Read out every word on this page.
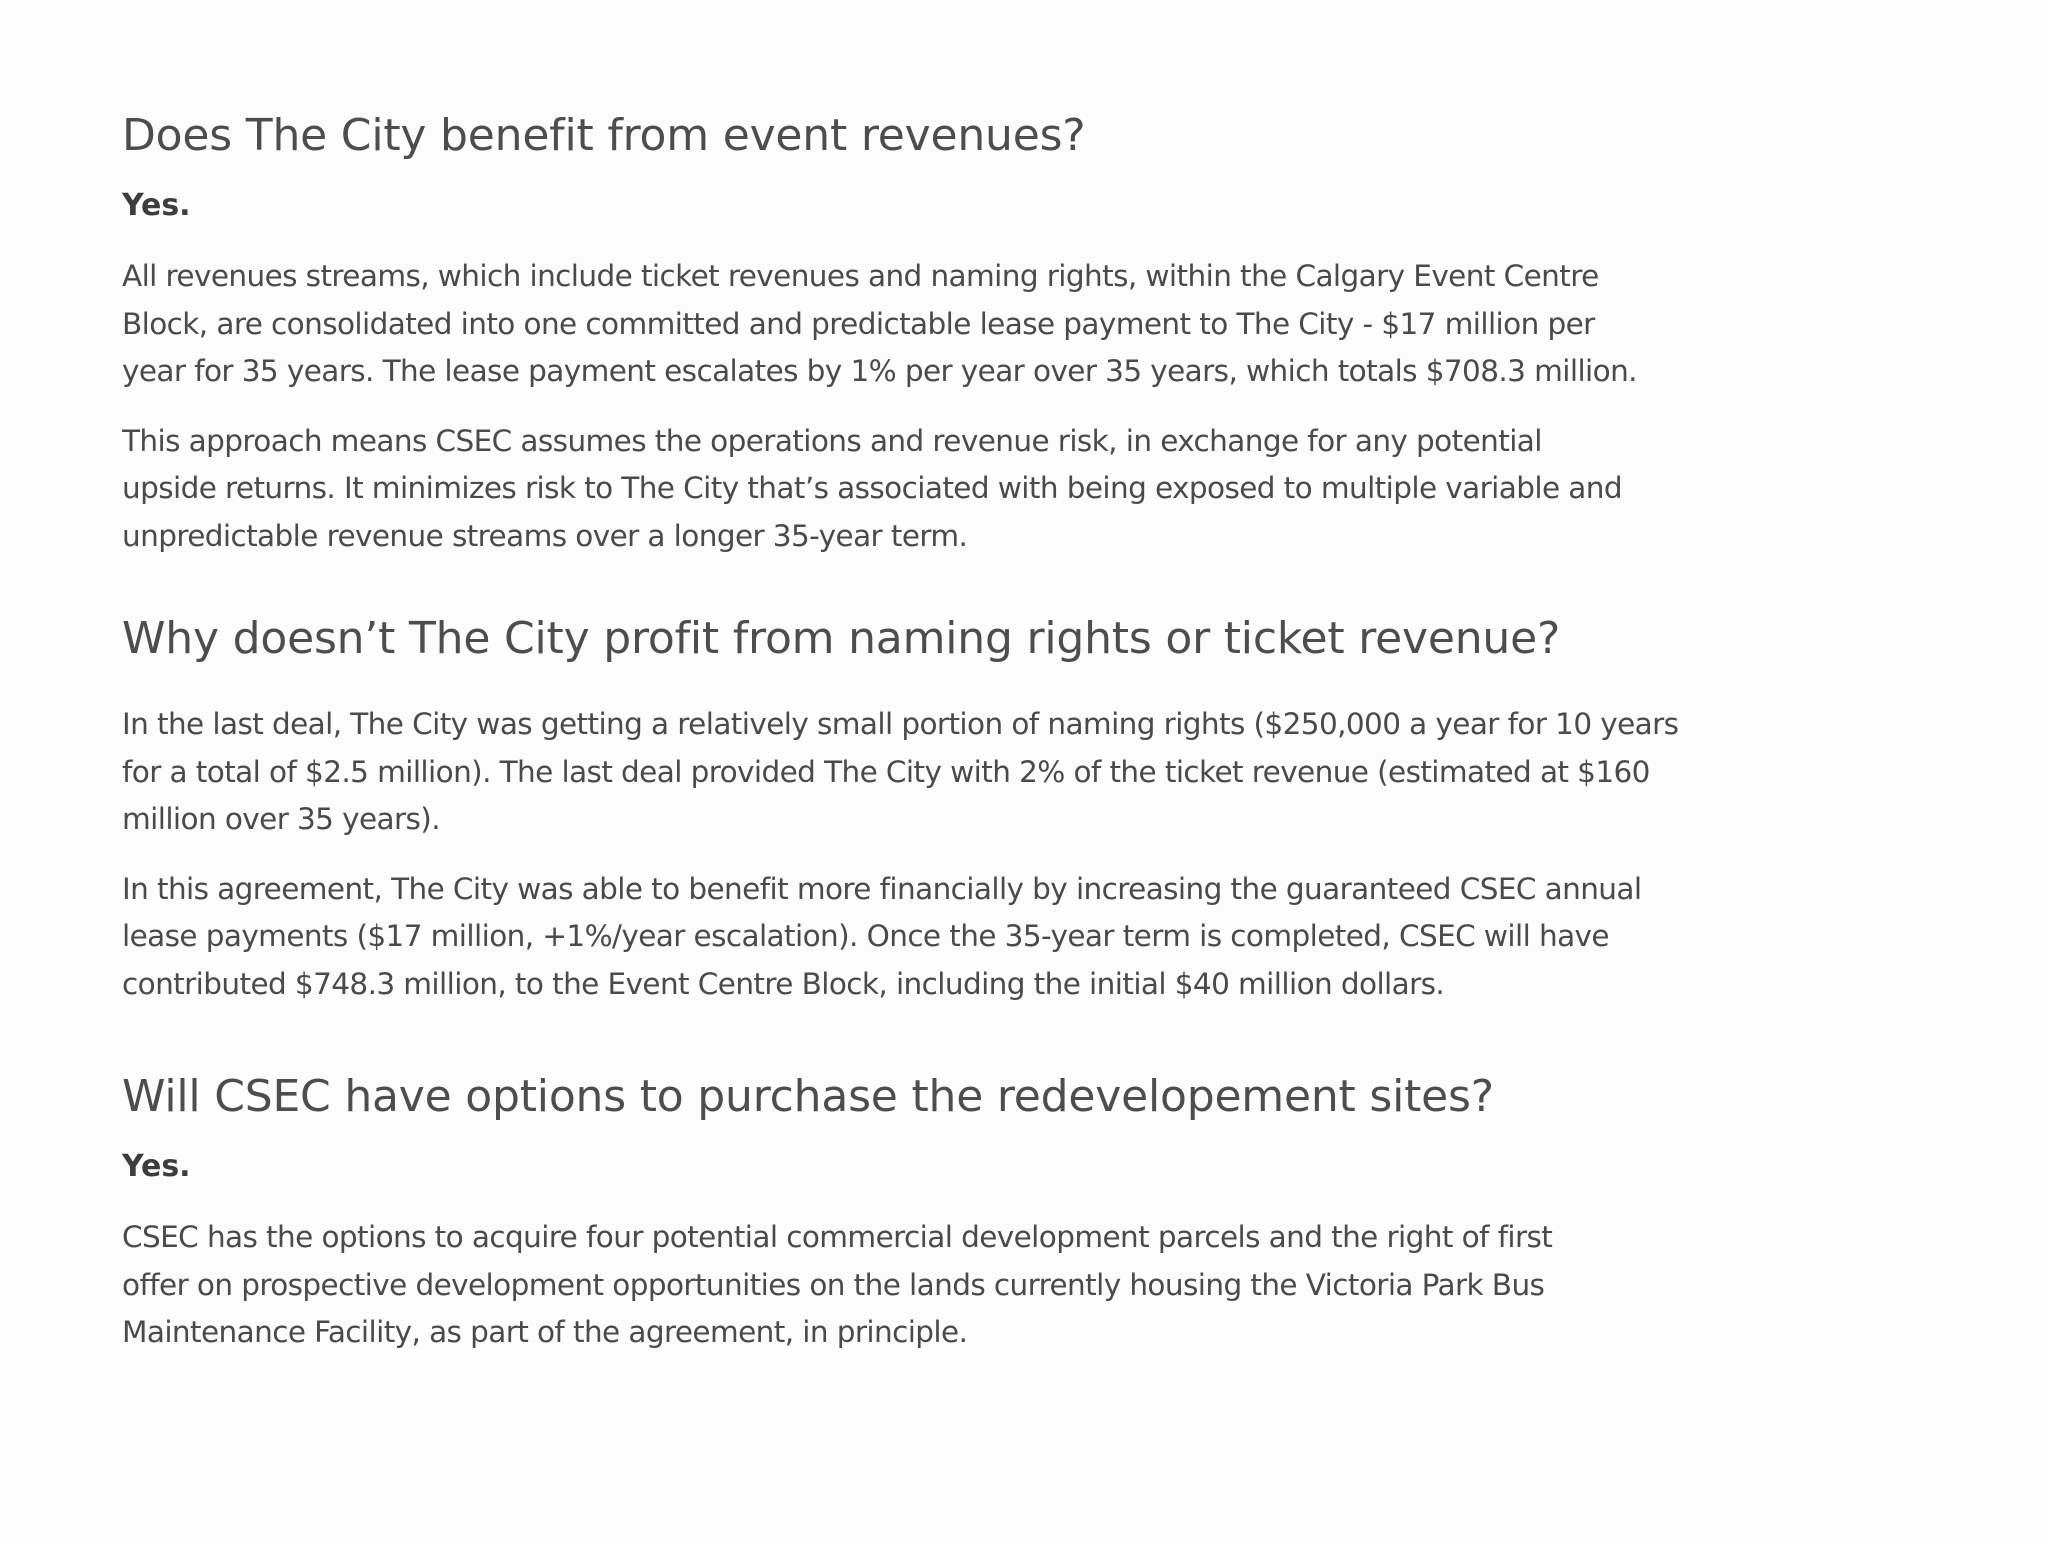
Does The City benefit from event revenues?
Yes.

All revenues streams, which include ticket revenues and naming rights, within the Calgary Event Centre
Block, are consolidated into one committed and predictable lease payment to The City - $17 million per
year for 35 years. The lease payment escalates by 1% per year over 35 years, which totals $708.3 million.

This approach means CSEC assumes the operations and revenue risk, in exchange for any potential
upside returns. It minimizes risk to The City that’s associated with being exposed to multiple variable and
unpredictable revenue streams over a longer 35-year term.

Why doesn’t The City profit from naming rights or ticket revenue?

In the last deal, The City was getting a relatively small portion of naming rights ($250,000 a year for 10 years
for a total of $2.5 million). The last deal provided The City with 2% of the ticket revenue (estimated at $160
million over 35 years).

In this agreement, The City was able to benefit more financially by increasing the guaranteed CSEC annual
lease payments ($17 million, +1%/year escalation). Once the 35-year term is completed, CSEC will have
contributed $748.3 million, to the Event Centre Block, including the initial $40 million dollars.

Will CSEC have options to purchase the redevelopement sites?
Yes.

CSEC has the options to acquire four potential commercial development parcels and the right of first
offer on prospective development opportunities on the lands currently housing the Victoria Park Bus
Maintenance Facility, as part of the agreement, in principle.
